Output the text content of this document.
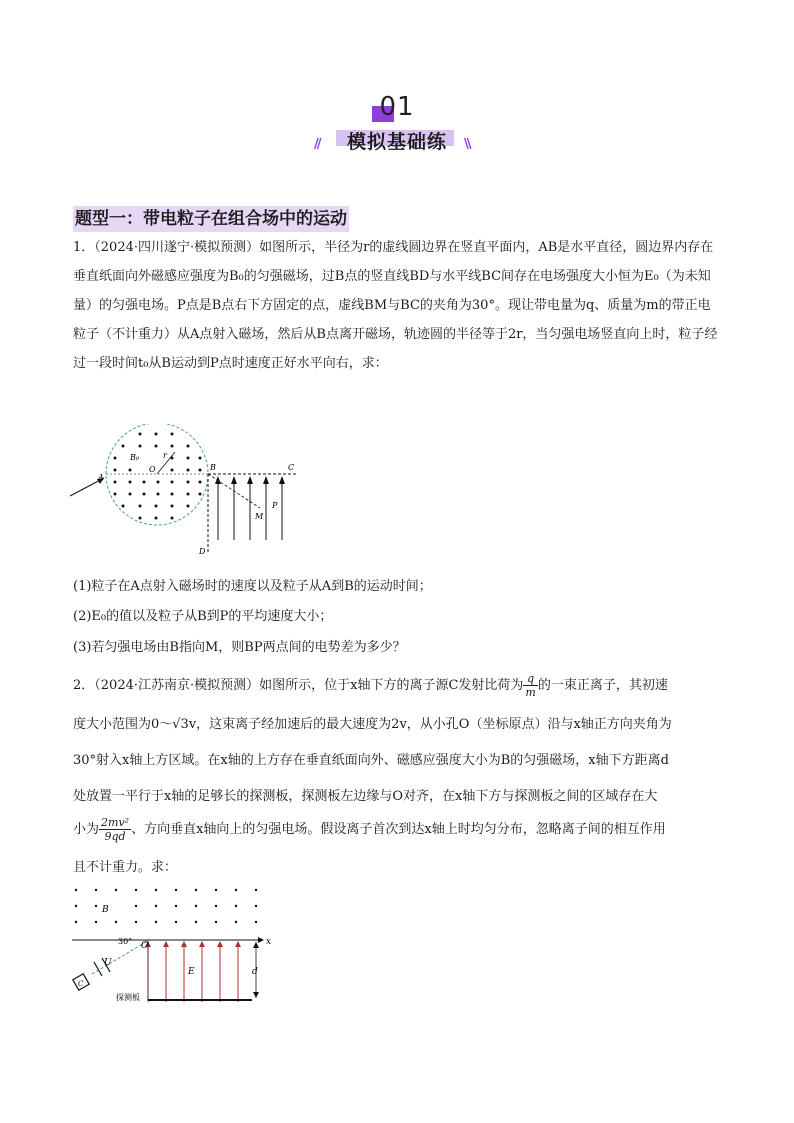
01
模拟基础练
//	\\
题型一：带电粒子在组合场中的运动
1．（2024·四川遂宁·模拟预测）如图所示，半径为r的虚线圆边界在竖直平面内，AB是水平直径，圆边界内存在垂直纸面向外磁感应强度为B₀的匀强磁场，过B点的竖直线BD与水平线BC间存在电场强度大小恒为E₀（为未知量）的匀强电场。P点是B点右下方固定的点，虚线BM与BC的夹角为30°。现让带电量为q、质量为m的带正电粒子（不计重力）从A点射入磁场，然后从B点离开磁场，轨迹圆的半径等于2r，当匀强电场竖直向上时，粒子经过一段时间t₀从B运动到P点时速度正好水平向右，求：
A
B	C
D
O
M
P
B₀	r
(1)粒子在A点射入磁场时的速度以及粒子从A到B的运动时间；
(2)E₀的值以及粒子从B到P的平均速度大小；
(3)若匀强电场由B指向M，则BP两点间的电势差为多少？
2．（2024·江苏南京·模拟预测）如图所示，位于x轴下方的离子源C发射比荷为 $\frac{q}{m}$ 的一束正离子，其初速
度大小范围为0～√3v，这束离子经加速后的最大速度为2v，从小孔O（坐标原点）沿与x轴正方向夹角为
30°射入x轴上方区域。在x轴的上方存在垂直纸面向外、磁感应强度大小为B的匀强磁场，x轴下方距离d
处放置一平行于x轴的足够长的探测板，探测板左边缘与O对齐，在x轴下方与探测板之间的区域存在大
小为 $\frac{\text{2mv²}}{9qd}$ 、方向垂直x轴向上的匀强电场。假设离子首次到达x轴上时均匀分布，忽略离子间的相互作用
且不计重力。求：
B
x
30° O
U
E	d
C
探测板
